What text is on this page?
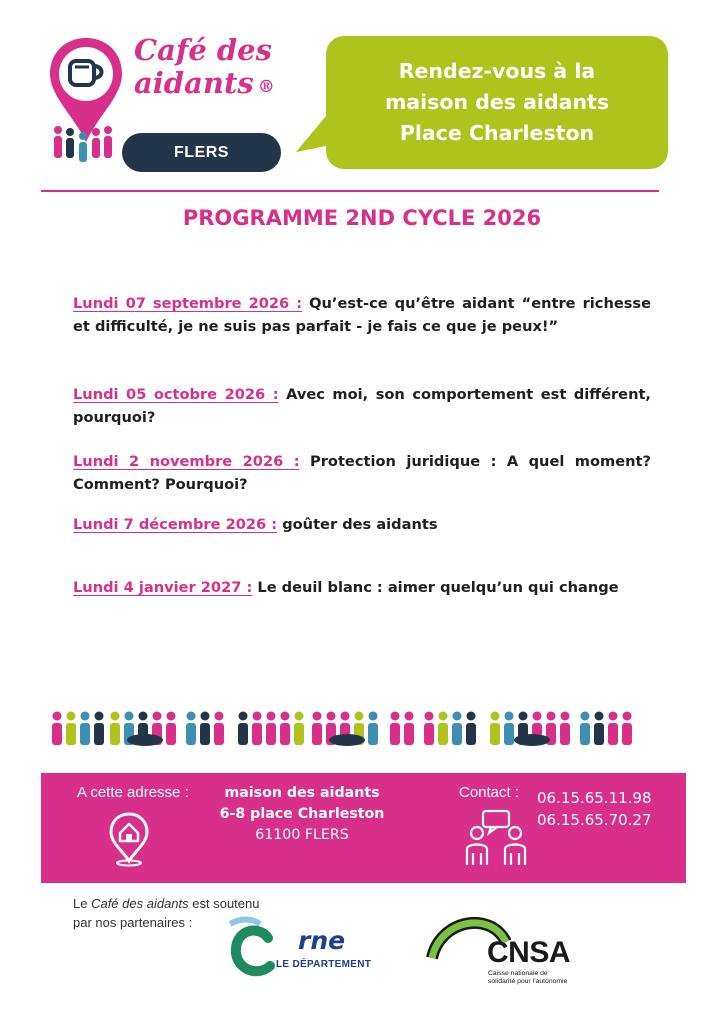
Café des
aidants ®
FLERS
Rendez-vous à la
maison des aidants
Place Charleston
PROGRAMME 2ND CYCLE 2026
Lundi 07 septembre 2026 : Qu’est-ce qu’être aidant “entre richesse et difficulté, je ne suis pas parfait - je fais ce que je peux!”
Lundi 05 octobre 2026 : Avec moi, son comportement est différent, pourquoi?
Lundi 2 novembre 2026 : Protection juridique : A quel moment? Comment? Pourquoi?
Lundi 7 décembre 2026 : goûter des aidants
Lundi 4 janvier 2027 : Le deuil blanc : aimer quelqu’un qui change
A cette adresse :	maison des aidants
6-8 place Charleston
61100 FLERS
Contact : 06.15.65.11.98
06.15.65.70.27
Le Café des aidants est soutenu
par nos partenaires :
rne
LE DÉPARTEMENT	CNSA
Caisse nationale de
solidarité pour l’autonomie
